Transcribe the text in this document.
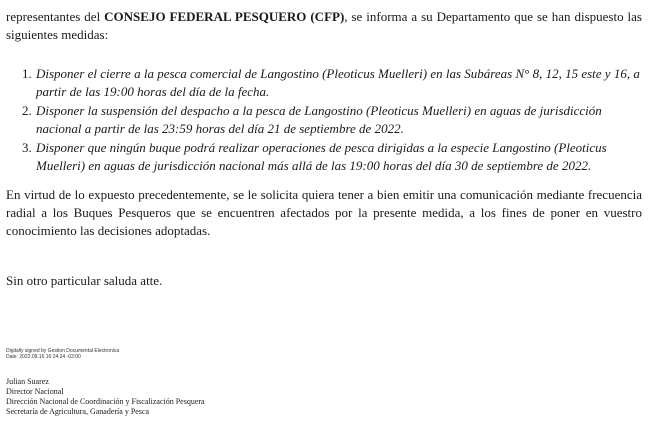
representantes del CONSEJO FEDERAL PESQUERO (CFP), se informa a su Departamento que se han dispuesto las siguientes medidas:

1. Disponer el cierre a la pesca comercial de Langostino (Pleoticus Muelleri) en las Subáreas N° 8, 12, 15 este y 16, a partir de las 19:00 horas del día de la fecha.
2. Disponer la suspensión del despacho a la pesca de Langostino (Pleoticus Muelleri) en aguas de jurisdicción nacional a partir de las 23:59 horas del día 21 de septiembre de 2022.
3. Disponer que ningún buque podrá realizar operaciones de pesca dirigidas a la especie Langostino (Pleoticus Muelleri) en aguas de jurisdicción nacional más allá de las 19:00 horas del día 30 de septiembre de 2022.

En virtud de lo expuesto precedentemente, se le solicita quiera tener a bien emitir una comunicación mediante frecuencia radial a los Buques Pesqueros que se encuentren afectados por la presente medida, a los fines de poner en vuestro conocimiento las decisiones adoptadas.

Sin otro particular saluda atte.

Digitally signed by Gestion Documental Electronica
Date: 2022.09.16 16:24:24 -03:00
Julian Suarez
Director Nacional
Dirección Nacional de Coordinación y Fiscalización Pesquera
Secretaría de Agricultura, Ganadería y Pesca
